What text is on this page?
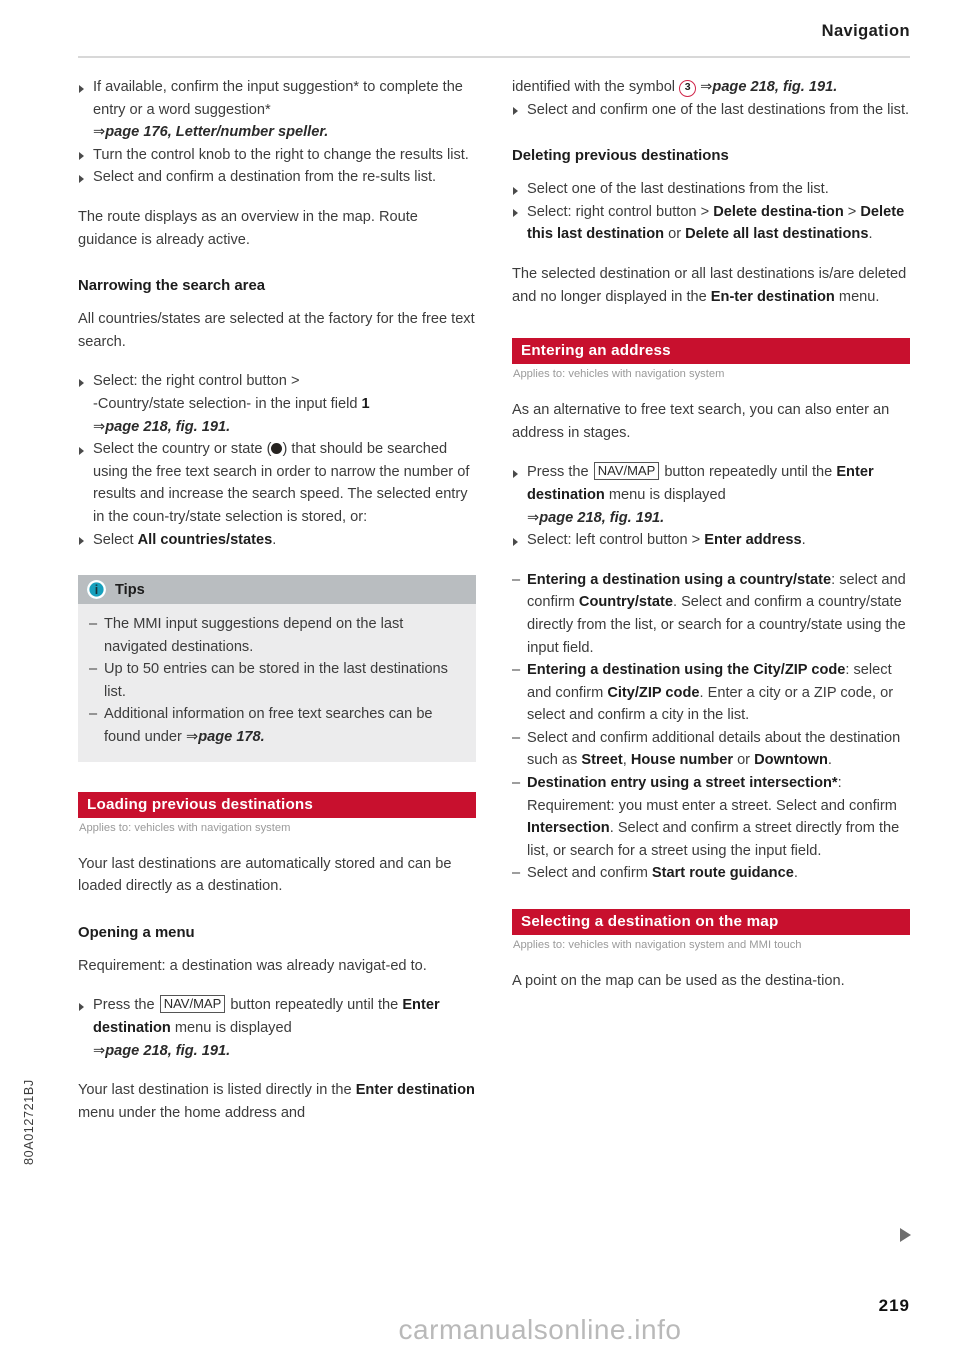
Navigation
If available, confirm the input suggestion* to complete the entry or a word suggestion*
⇒page 176, Letter/number speller.
Turn the control knob to the right to change the results list.
Select and confirm a destination from the re-sults list.

The route displays as an overview in the map. Route guidance is already active.

Narrowing the search area

All countries/states are selected at the factory for the free text search.

Select: the right control button >
-Country/state selection- in the input field 1
⇒page 218, fig. 191.
Select the country or state ( ) that should be searched using the free text search in order to narrow the number of results and increase the search speed. The selected entry in the coun-try/state selection is stored, or:
Select All countries/states.
i Tips
– The MMI input suggestions depend on the last navigated destinations.
– Up to 50 entries can be stored in the last destinations list.
– Additional information on free text searches can be found under ⇒page 178.
Loading previous destinations
Applies to: vehicles with navigation system

Your last destinations are automatically stored and can be loaded directly as a destination.

Opening a menu

Requirement: a destination was already navigat-ed to.

Press the NAV/MAP button repeatedly until the Enter destination menu is displayed
⇒page 218, fig. 191.

Your last destination is listed directly in the Enter destination menu under the home address and

identified with the symbol 3 ⇒page 218, fig. 191.

Select and confirm one of the last destinations from the list.
Deleting previous destinations
Select one of the last destinations from the list.
Select: right control button > Delete destina-tion > Delete this last destination or Delete all last destinations.

The selected destination or all last destinations is/are deleted and no longer displayed in the En-ter destination menu.

Entering an address
Applies to: vehicles with navigation system

As an alternative to free text search, you can also enter an address in stages.

Press the NAV/MAP button repeatedly until the Enter destination menu is displayed
⇒page 218, fig. 191.
Select: left control button > Enter address.
– Entering a destination using a country/state: select and confirm Country/state. Select and confirm a country/state directly from the list, or search for a country/state using the input field.
– Entering a destination using the City/ZIP code: select and confirm City/ZIP code. Enter a city or a ZIP code, or select and confirm a city in the list.
– Select and confirm additional details about the destination such as Street, House number or Downtown.
– Destination entry using a street intersection*: Requirement: you must enter a street. Select and confirm Intersection. Select and confirm a street directly from the list, or search for a street using the input field.
– Select and confirm Start route guidance.
Selecting a destination on the map
Applies to: vehicles with navigation system and MMI touch

A point on the map can be used as the destina-tion.

80A012721BJ
219
carmanualsonline.info
